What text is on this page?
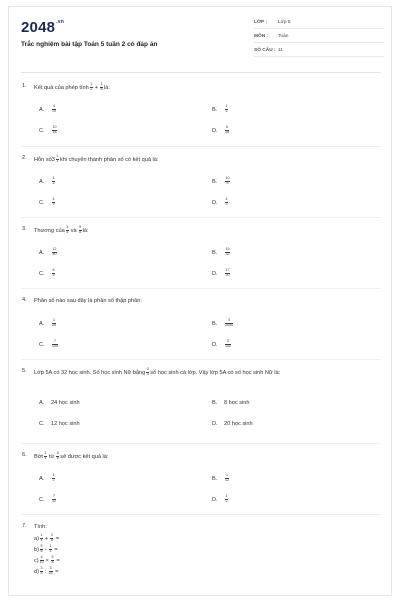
$2048^{.vn}$
Trắc nghiệm bài tập Toán 5 tuần 2 có đáp án
LỚP : Lớp 5
MÔN : Toán
SỐ CÂU : 11
1. Kết quả của phép tính $\frac{1}{2} + \frac{1}{8}$ là:
A. $\frac{4}{10}$	B. $\frac{1}{2}$
C. $\frac{10}{16}$	D. $\frac{6}{16}$
2. Hỗn số3 $\frac{1}{3}$ khi chuyển thành phân số có kết quả là:
A. $\frac{4}{3}$	B. $\frac{10}{3}$
C. $\frac{4}{9}$	D. $\frac{4}{3}$
3. Thương của $\frac{3}{4}$ và $\frac{5}{8}$ là:
A. $\frac{12}{40}$	B. $\frac{15}{32}$
C. $\frac{6}{5}$	D. $\frac{17}{20}$
4. Phân số nào sau đây là phân số thập phân:
A. $\frac{1}{20}$	B. $\frac{3}{2000}$
C. $\frac{7}{100}$	D. $\frac{3}{100}$
5. Lớp 5A có 32 học sinh. Số học sinh Nữ bằng $\frac{3}{4}$ số học sinh cả lớp. Vậy lớp 5A có số học sinh Nữ là:
A. 24 học sinh	B. 8 học sinh
C. 12 học sinh	D. 20 học sinh
6. Bớt $\frac{1}{4}$ từ $\frac{5}{6}$ sẽ được kết quả là:
A. $\frac{1}{2}$	B. $\frac{1}{12}$
C. $\frac{7}{12}$	D. $\frac{1}{2}$
7. Tính:
$a) \frac{1}{4} + \frac{3}{8}$ =
$b) \frac{5}{6} - \frac{1}{3}$ =
$c) \frac{4}{10} \times \frac{5}{8}$ =
$d) \frac{3}{5}$ : $\frac{3}{15}$ =
